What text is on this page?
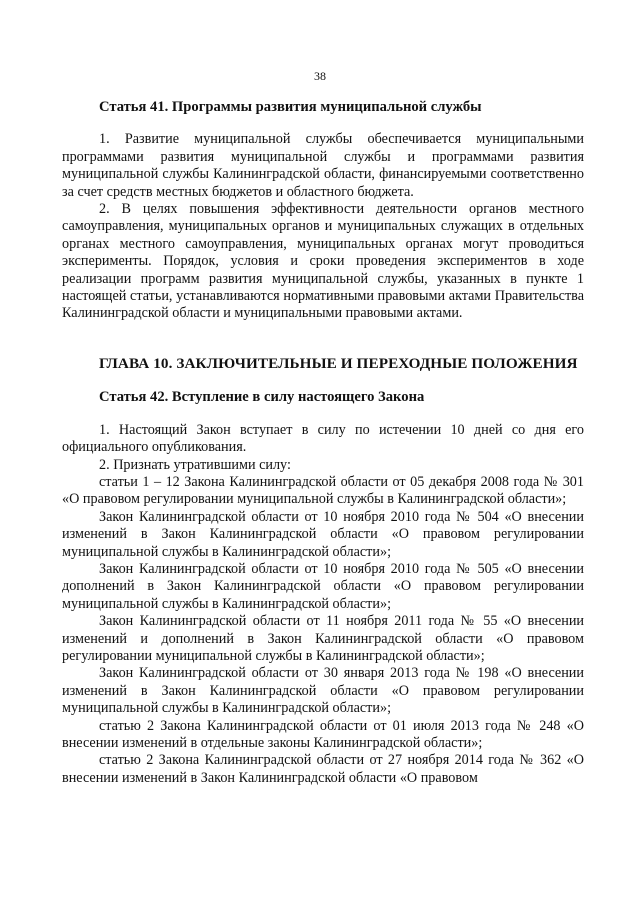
38
Статья 41. Программы развития муниципальной службы

1. Развитие муниципальной службы обеспечивается муниципальными программами развития муниципальной службы и программами развития муниципальной службы Калининградской области, финансируемыми соответственно за счет средств местных бюджетов и областного бюджета.

2. В целях повышения эффективности деятельности органов местного самоуправления, муниципальных органов и муниципальных служащих в отдельных органах местного самоуправления, муниципальных органах могут проводиться эксперименты. Порядок, условия и сроки проведения экспериментов в ходе реализации программ развития муниципальной службы, указанных в пункте 1 настоящей статьи, устанавливаются нормативными правовыми актами Правительства Калининградской области и муниципальными правовыми актами.

ГЛАВА 10. ЗАКЛЮЧИТЕЛЬНЫЕ И ПЕРЕХОДНЫЕ ПОЛОЖЕНИЯ
Статья 42. Вступление в силу настоящего Закона

1. Настоящий Закон вступает в силу по истечении 10 дней со дня его официального опубликования.

2. Признать утратившими силу:

статьи 1 – 12 Закона Калининградской области от 05 декабря 2008 года № 301 «О правовом регулировании муниципальной службы в Калининградской области»;

Закон Калининградской области от 10 ноября 2010 года № 504 «О внесении изменений в Закон Калининградской области «О правовом регулировании муниципальной службы в Калининградской области»;

Закон Калининградской области от 10 ноября 2010 года № 505 «О внесении дополнений в Закон Калининградской области «О правовом регулировании муниципальной службы в Калининградской области»;

Закон Калининградской области от 11 ноября 2011 года № 55 «О внесении изменений и дополнений в Закон Калининградской области «О правовом регулировании муниципальной службы в Калининградской области»;

Закон Калининградской области от 30 января 2013 года № 198 «О внесении изменений в Закон Калининградской области «О правовом регулировании муниципальной службы в Калининградской области»;

статью 2 Закона Калининградской области от 01 июля 2013 года № 248 «О внесении изменений в отдельные законы Калининградской области»;

статью 2 Закона Калининградской области от 27 ноября 2014 года № 362 «О внесении изменений в Закон Калининградской области «О правовом
